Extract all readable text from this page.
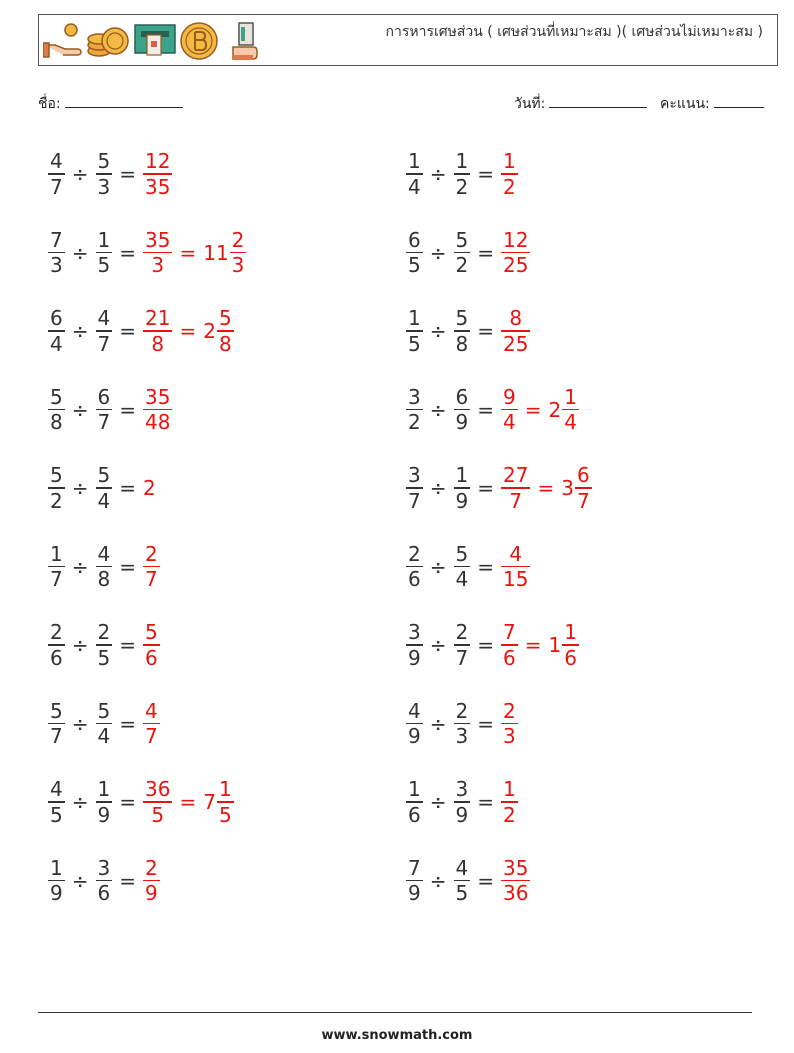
การหารเศษส่วน ( เศษส่วนที่เหมาะสม )( เศษส่วนไม่เหมาะสม )
ชื่อ:	วันที่:	คะแนน:
$\frac{4}{7} \div \frac{5}{3} = \frac{12}{35}$	$\frac{1}{4} \div \frac{1}{2} = \frac{1}{2}$
$\frac{7}{3} \div \frac{1}{5} = \frac{35}{3} = 11 \frac{2}{3}$	$\frac{6}{5} \div \frac{5}{2} = \frac{12}{25}$
$\frac{6}{4} \div \frac{4}{7} = \frac{21}{8} = 2 \frac{5}{8}$	$\frac{1}{5} \div \frac{5}{8} = \frac{8}{25}$
$\frac{5}{8} \div \frac{6}{7} = \frac{35}{48}$	$\frac{3}{2} \div \frac{6}{9} = \frac{9}{4} = 2 \frac{1}{4}$
$\frac{5}{2} \div \frac{5}{4} = 2$	$\frac{3}{7} \div \frac{1}{9} = \frac{27}{7} = 3 \frac{6}{7}$
$\frac{1}{7} \div \frac{4}{8} = \frac{2}{7}$	$\frac{2}{6} \div \frac{5}{4} = \frac{4}{15}$
$\frac{2}{6} \div \frac{2}{5} = \frac{5}{6}$	$\frac{3}{9} \div \frac{2}{7} = \frac{7}{6} = 1 \frac{1}{6}$
$\frac{5}{7} \div \frac{5}{4} = \frac{4}{7}$	$\frac{4}{9} \div \frac{2}{3} = \frac{2}{3}$
$\frac{4}{5} \div \frac{1}{9} = \frac{36}{5} = 7 \frac{1}{5}$	$\frac{1}{6} \div \frac{3}{9} = \frac{1}{2}$
$\frac{1}{9} \div \frac{3}{6} = \frac{2}{9}$	$\frac{7}{9} \div \frac{4}{5} = \frac{35}{36}$
www.snowmath.com
